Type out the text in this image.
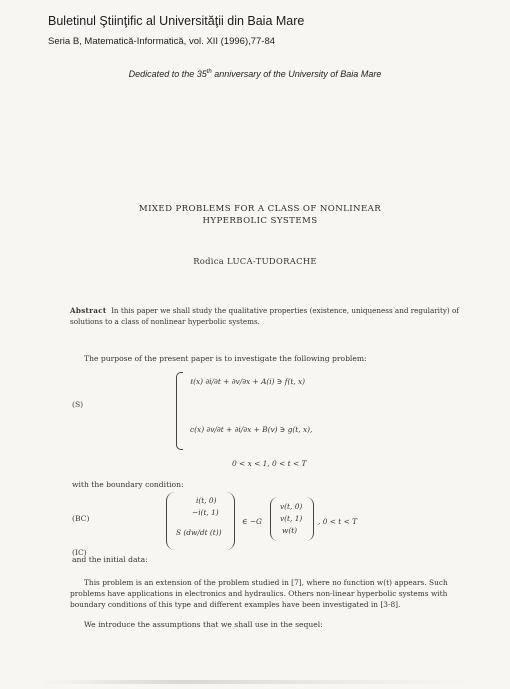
Buletinul Ştiinţific al Universităţii din Baia Mare
Seria B, Matematică-Informatică, vol. XII (1996),77-84
Dedicated to the 35th anniversary of the University of Baia Mare
MIXED PROBLEMS FOR A CLASS OF NONLINEAR
HYPERBOLIC SYSTEMS
Rodica LUCA-TUDORACHE
Abstract In this paper we shall study the qualitative properties (existence, uniqueness and regularity) of solutions to a class of nonlinear hyperbolic systems.
The purpose of the present paper is to investigate the following problem:
(S)
ℓ(x) ∂i/∂t + ∂v/∂x + A(i) ∋ f(t, x)
c(x) ∂v/∂t + ∂i/∂x + B(v) ∋ g(t, x),
0 < x < 1, 0 < t < T
with the boundary condition:
(BC)
i(t, 0)
−i(t, 1)
S (dw/dt (t))
∈ −G
v(t, 0)
v(t, 1)
w(t)
, 0 < t < T
and the initial data:
(IC)
This problem is an extension of the problem studied in [7], where no function w(t) appears. Such problems have applications in electronics and hydraulics. Others non-linear hyperbolic systems with boundary conditions of this type and different examples have been investigated in [3-8].
We introduce the assumptions that we shall use in the sequel:
